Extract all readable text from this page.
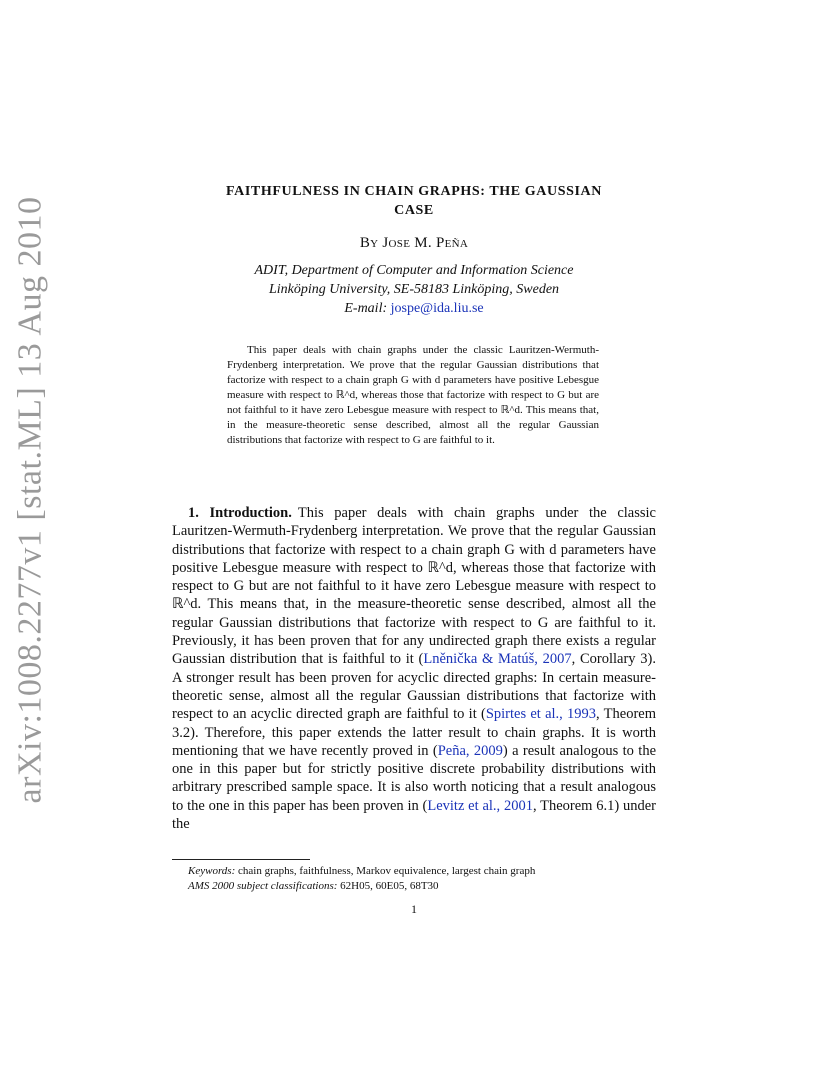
arXiv:1008.2277v1 [stat.ML] 13 Aug 2010
FAITHFULNESS IN CHAIN GRAPHS: THE GAUSSIAN
CASE
By Jose M. Peña
ADIT, Department of Computer and Information Science
Linköping University, SE-58183 Linköping, Sweden
E-mail: jospe@ida.liu.se
This paper deals with chain graphs under the classic Lauritzen-Wermuth-Frydenberg interpretation. We prove that the regular Gaussian distributions that factorize with respect to a chain graph G with d parameters have positive Lebesgue measure with respect to ℝ^d, whereas those that factorize with respect to G but are not faithful to it have zero Lebesgue measure with respect to ℝ^d. This means that, in the measure-theoretic sense described, almost all the regular Gaussian distributions that factorize with respect to G are faithful to it.
1. Introduction. This paper deals with chain graphs under the classic Lauritzen-Wermuth-Frydenberg interpretation. We prove that the regular Gaussian distributions that factorize with respect to a chain graph G with d parameters have positive Lebesgue measure with respect to ℝ^d, whereas those that factorize with respect to G but are not faithful to it have zero Lebesgue measure with respect to ℝ^d. This means that, in the measure-theoretic sense described, almost all the regular Gaussian distributions that factorize with respect to G are faithful to it. Previously, it has been proven that for any undirected graph there exists a regular Gaussian distribution that is faithful to it (Lněnička & Matúš, 2007, Corollary 3). A stronger result has been proven for acyclic directed graphs: In certain measure-theoretic sense, almost all the regular Gaussian distributions that factorize with respect to an acyclic directed graph are faithful to it (Spirtes et al., 1993, Theorem 3.2). Therefore, this paper extends the latter result to chain graphs. It is worth mentioning that we have recently proved in (Peña, 2009) a result analogous to the one in this paper but for strictly positive discrete probability distributions with arbitrary prescribed sample space. It is also worth noticing that a result analogous to the one in this paper has been proven in (Levitz et al., 2001, Theorem 6.1) under the
Keywords: chain graphs, faithfulness, Markov equivalence, largest chain graph
AMS 2000 subject classifications: 62H05, 60E05, 68T30
1
